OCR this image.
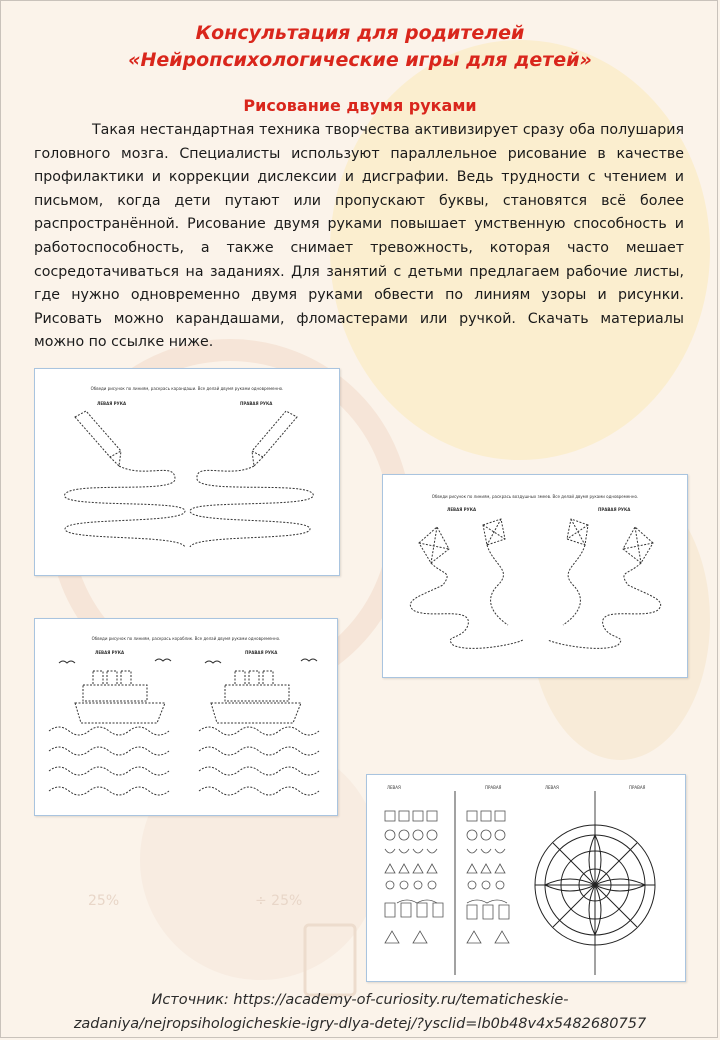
25%	÷ 25%
Консультация для родителей
«Нейропсихологические игры для детей»
Рисование двумя руками

Такая нестандартная техника творчества активизирует сразу оба полушария головного мозга. Специалисты используют параллельное рисование в качестве профилактики и коррекции дислексии и дисграфии. Ведь трудности с чтением и письмом, когда дети путают или пропускают буквы, становятся всё более распространённой. Рисование двумя руками повышает умственную способность и работоспособность, а также снимает тревожность, которая часто мешает сосредотачиваться на заданиях. Для занятий с детьми предлагаем рабочие листы, где нужно одновременно двумя руками обвести по линиям узоры и рисунки. Рисовать можно карандашами, фломастерами или ручкой. Скачать материалы можно по ссылке ниже.

Обведи рисунок по линиям, раскрась карандаши. Все делай двумя руками одновременно.
ЛЕВАЯ РУКА	ПРАВАЯ РУКА
Обведи рисунок по линиям, раскрась воздушных змеев. Все делай двумя руками одновременно.
ЛЕВАЯ РУКА	ПРАВАЯ РУКА
Обведи рисунок по линиям, раскрась кораблик. Все делай двумя руками одновременно.
ЛЕВАЯ РУКА	ПРАВАЯ РУКА
ЛЕВАЯ	ПРАВАЯ	ЛЕВАЯ	ПРАВАЯ

Источник: https://academy-of-curiosity.ru/tematicheskie-

zadaniya/nejropsihologicheskie-igry-dlya-detej/?ysclid=lb0b48v4x5482680757
